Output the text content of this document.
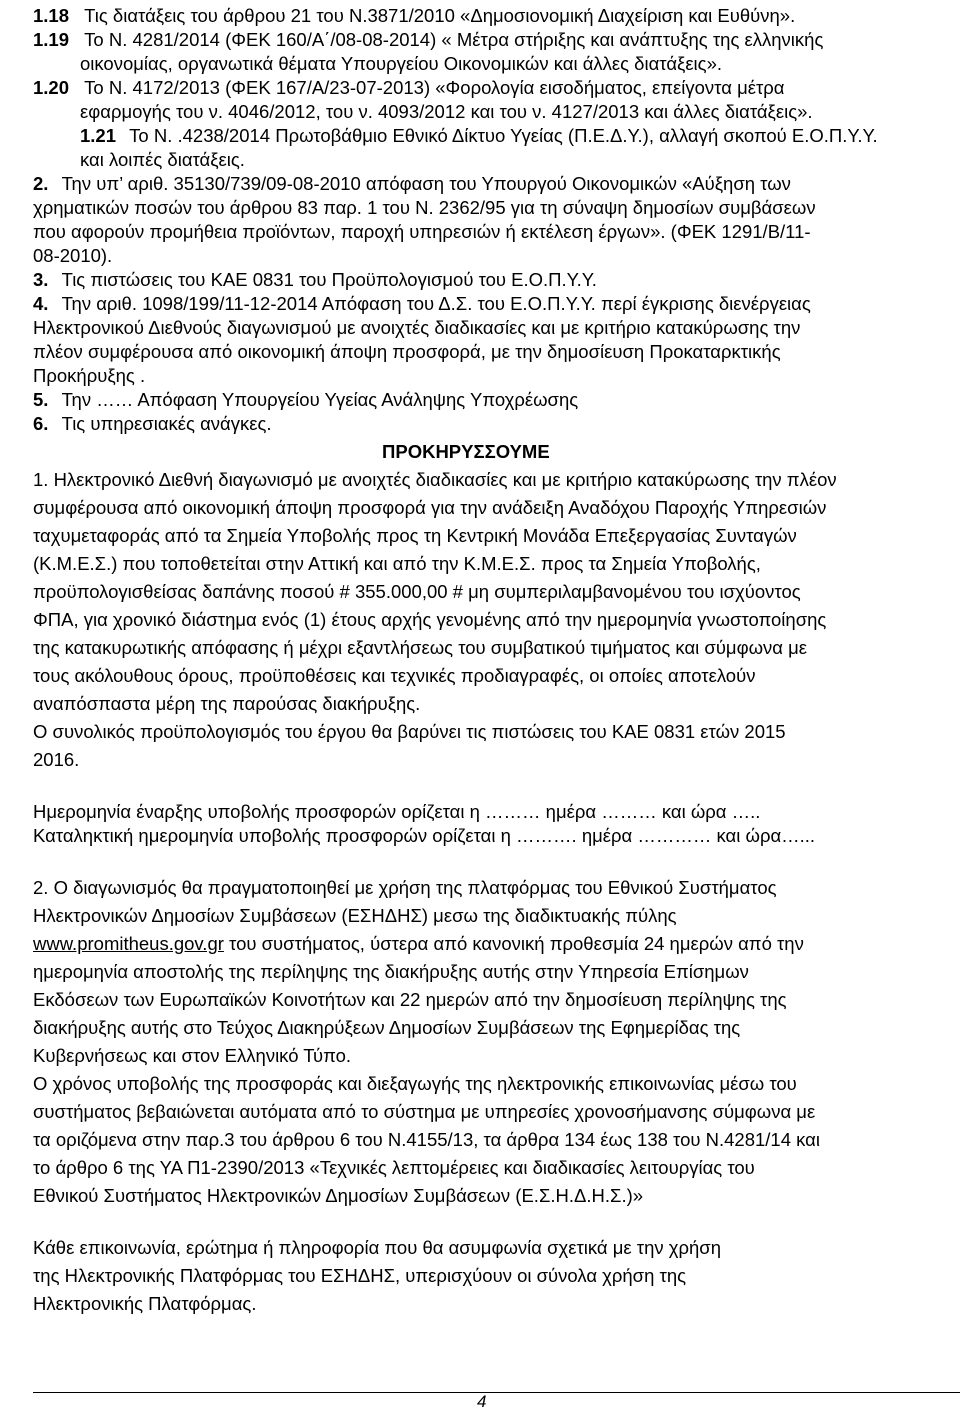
1.18 Τις διατάξεις του άρθρου 21 του Ν.3871/2010 «Δημοσιονομική Διαχείριση και Ευθύνη».
1.19 Το Ν. 4281/2014 (ΦΕΚ 160/Α΄/08-08-2014) « Μέτρα στήριξης και ανάπτυξης της ελληνικής
οικονομίας, οργανωτικά θέματα Υπουργείου Οικονομικών και άλλες διατάξεις».
1.20 Το Ν. 4172/2013 (ΦΕΚ 167/Α/23-07-2013) «Φορολογία εισοδήματος, επείγοντα μέτρα
εφαρμογής του ν. 4046/2012, του ν. 4093/2012 και του ν. 4127/2013 και άλλες διατάξεις».
1.21 Το Ν. .4238/2014 Πρωτοβάθμιο Εθνικό Δίκτυο Υγείας (Π.Ε.Δ.Υ.), αλλαγή σκοπού Ε.Ο.Π.Υ.Υ.
και λοιπές διατάξεις.
2. Την υπ’ αριθ. 35130/739/09-08-2010 απόφαση του Υπουργού Οικονομικών «Αύξηση των
χρηματικών ποσών του άρθρου 83 παρ. 1 του Ν. 2362/95 για τη σύναψη δημοσίων συμβάσεων
που αφορούν προμήθεια προϊόντων, παροχή υπηρεσιών ή εκτέλεση έργων». (ΦΕΚ 1291/Β/11-
08-2010).
3. Τις πιστώσεις του ΚΑΕ 0831 του Προϋπολογισμού του Ε.Ο.Π.Υ.Υ.
4. Την αριθ. 1098/199/11-12-2014 Απόφαση του Δ.Σ. του Ε.Ο.Π.Υ.Υ. περί έγκρισης διενέργειας
Ηλεκτρονικού Διεθνούς διαγωνισμού με ανοιχτές διαδικασίες και με κριτήριο κατακύρωσης την
πλέον συμφέρουσα από οικονομική άποψη προσφορά, με την δημοσίευση Προκαταρκτικής
Προκήρυξης .
5. Την …… Απόφαση Υπουργείου Υγείας Ανάληψης Υποχρέωσης
6. Τις υπηρεσιακές ανάγκες.
ΠΡΟΚΗΡΥΣΣΟΥΜΕ
1. Ηλεκτρονικό Διεθνή διαγωνισμό με ανοιχτές διαδικασίες και με κριτήριο κατακύρωσης την πλέον
συμφέρουσα από οικονομική άποψη προσφορά για την ανάδειξη Αναδόχου Παροχής Υπηρεσιών
ταχυμεταφοράς από τα Σημεία Υποβολής προς τη Κεντρική Μονάδα Επεξεργασίας Συνταγών
(Κ.Μ.Ε.Σ.) που τοποθετείται στην Αττική και από την Κ.Μ.Ε.Σ. προς τα Σημεία Υποβολής,
προϋπολογισθείσας δαπάνης ποσού # 355.000,00 # μη συμπεριλαμβανομένου του ισχύοντος
ΦΠΑ, για χρονικό διάστημα ενός (1) έτους αρχής γενομένης από την ημερομηνία γνωστοποίησης
της κατακυρωτικής απόφασης ή μέχρι εξαντλήσεως του συμβατικού τιμήματος και σύμφωνα με
τους ακόλουθους όρους, προϋποθέσεις και τεχνικές προδιαγραφές, οι οποίες αποτελούν
αναπόσπαστα μέρη της παρούσας διακήρυξης.
Ο συνολικός προϋπολογισμός του έργου θα βαρύνει τις πιστώσεις του ΚΑΕ 0831 ετών 2015
2016.
Ημερομηνία έναρξης υποβολής προσφορών ορίζεται η ……… ημέρα ……… και ώρα …..
Καταληκτική ημερομηνία υποβολής προσφορών ορίζεται η ………. ημέρα ………… και ώρα…...
2. Ο διαγωνισμός θα πραγματοποιηθεί με χρήση της πλατφόρμας του Εθνικού Συστήματος
Ηλεκτρονικών Δημοσίων Συμβάσεων (ΕΣΗΔΗΣ) μεσω της διαδικτυακής πύλης
www.promitheus.gov.gr του συστήματος, ύστερα από κανονική προθεσμία 24 ημερών από την
ημερομηνία αποστολής της περίληψης της διακήρυξης αυτής στην Υπηρεσία Επίσημων
Εκδόσεων των Ευρωπαϊκών Κοινοτήτων και 22 ημερών από την δημοσίευση περίληψης της
διακήρυξης αυτής στο Τεύχος Διακηρύξεων Δημοσίων Συμβάσεων της Εφημερίδας της
Κυβερνήσεως και στον Ελληνικό Τύπο.
Ο χρόνος υποβολής της προσφοράς και διεξαγωγής της ηλεκτρονικής επικοινωνίας μέσω του
συστήματος βεβαιώνεται αυτόματα από το σύστημα με υπηρεσίες χρονοσήμανσης σύμφωνα με
τα οριζόμενα στην παρ.3 του άρθρου 6 του Ν.4155/13, τα άρθρα 134 έως 138 του Ν.4281/14 και
το άρθρο 6 της ΥΑ Π1-2390/2013 «Τεχνικές λεπτομέρειες και διαδικασίες λειτουργίας του
Εθνικού Συστήματος Ηλεκτρονικών Δημοσίων Συμβάσεων (Ε.Σ.Η.Δ.Η.Σ.)»
Κάθε επικοινωνία, ερώτημα ή πληροφορία που θα ασυμφωνία σχετικά με την χρήση
της Ηλεκτρονικής Πλατφόρμας του ΕΣΗΔΗΣ, υπερισχύουν οι σύνολα χρήση της
Ηλεκτρονικής Πλατφόρμας.
4
